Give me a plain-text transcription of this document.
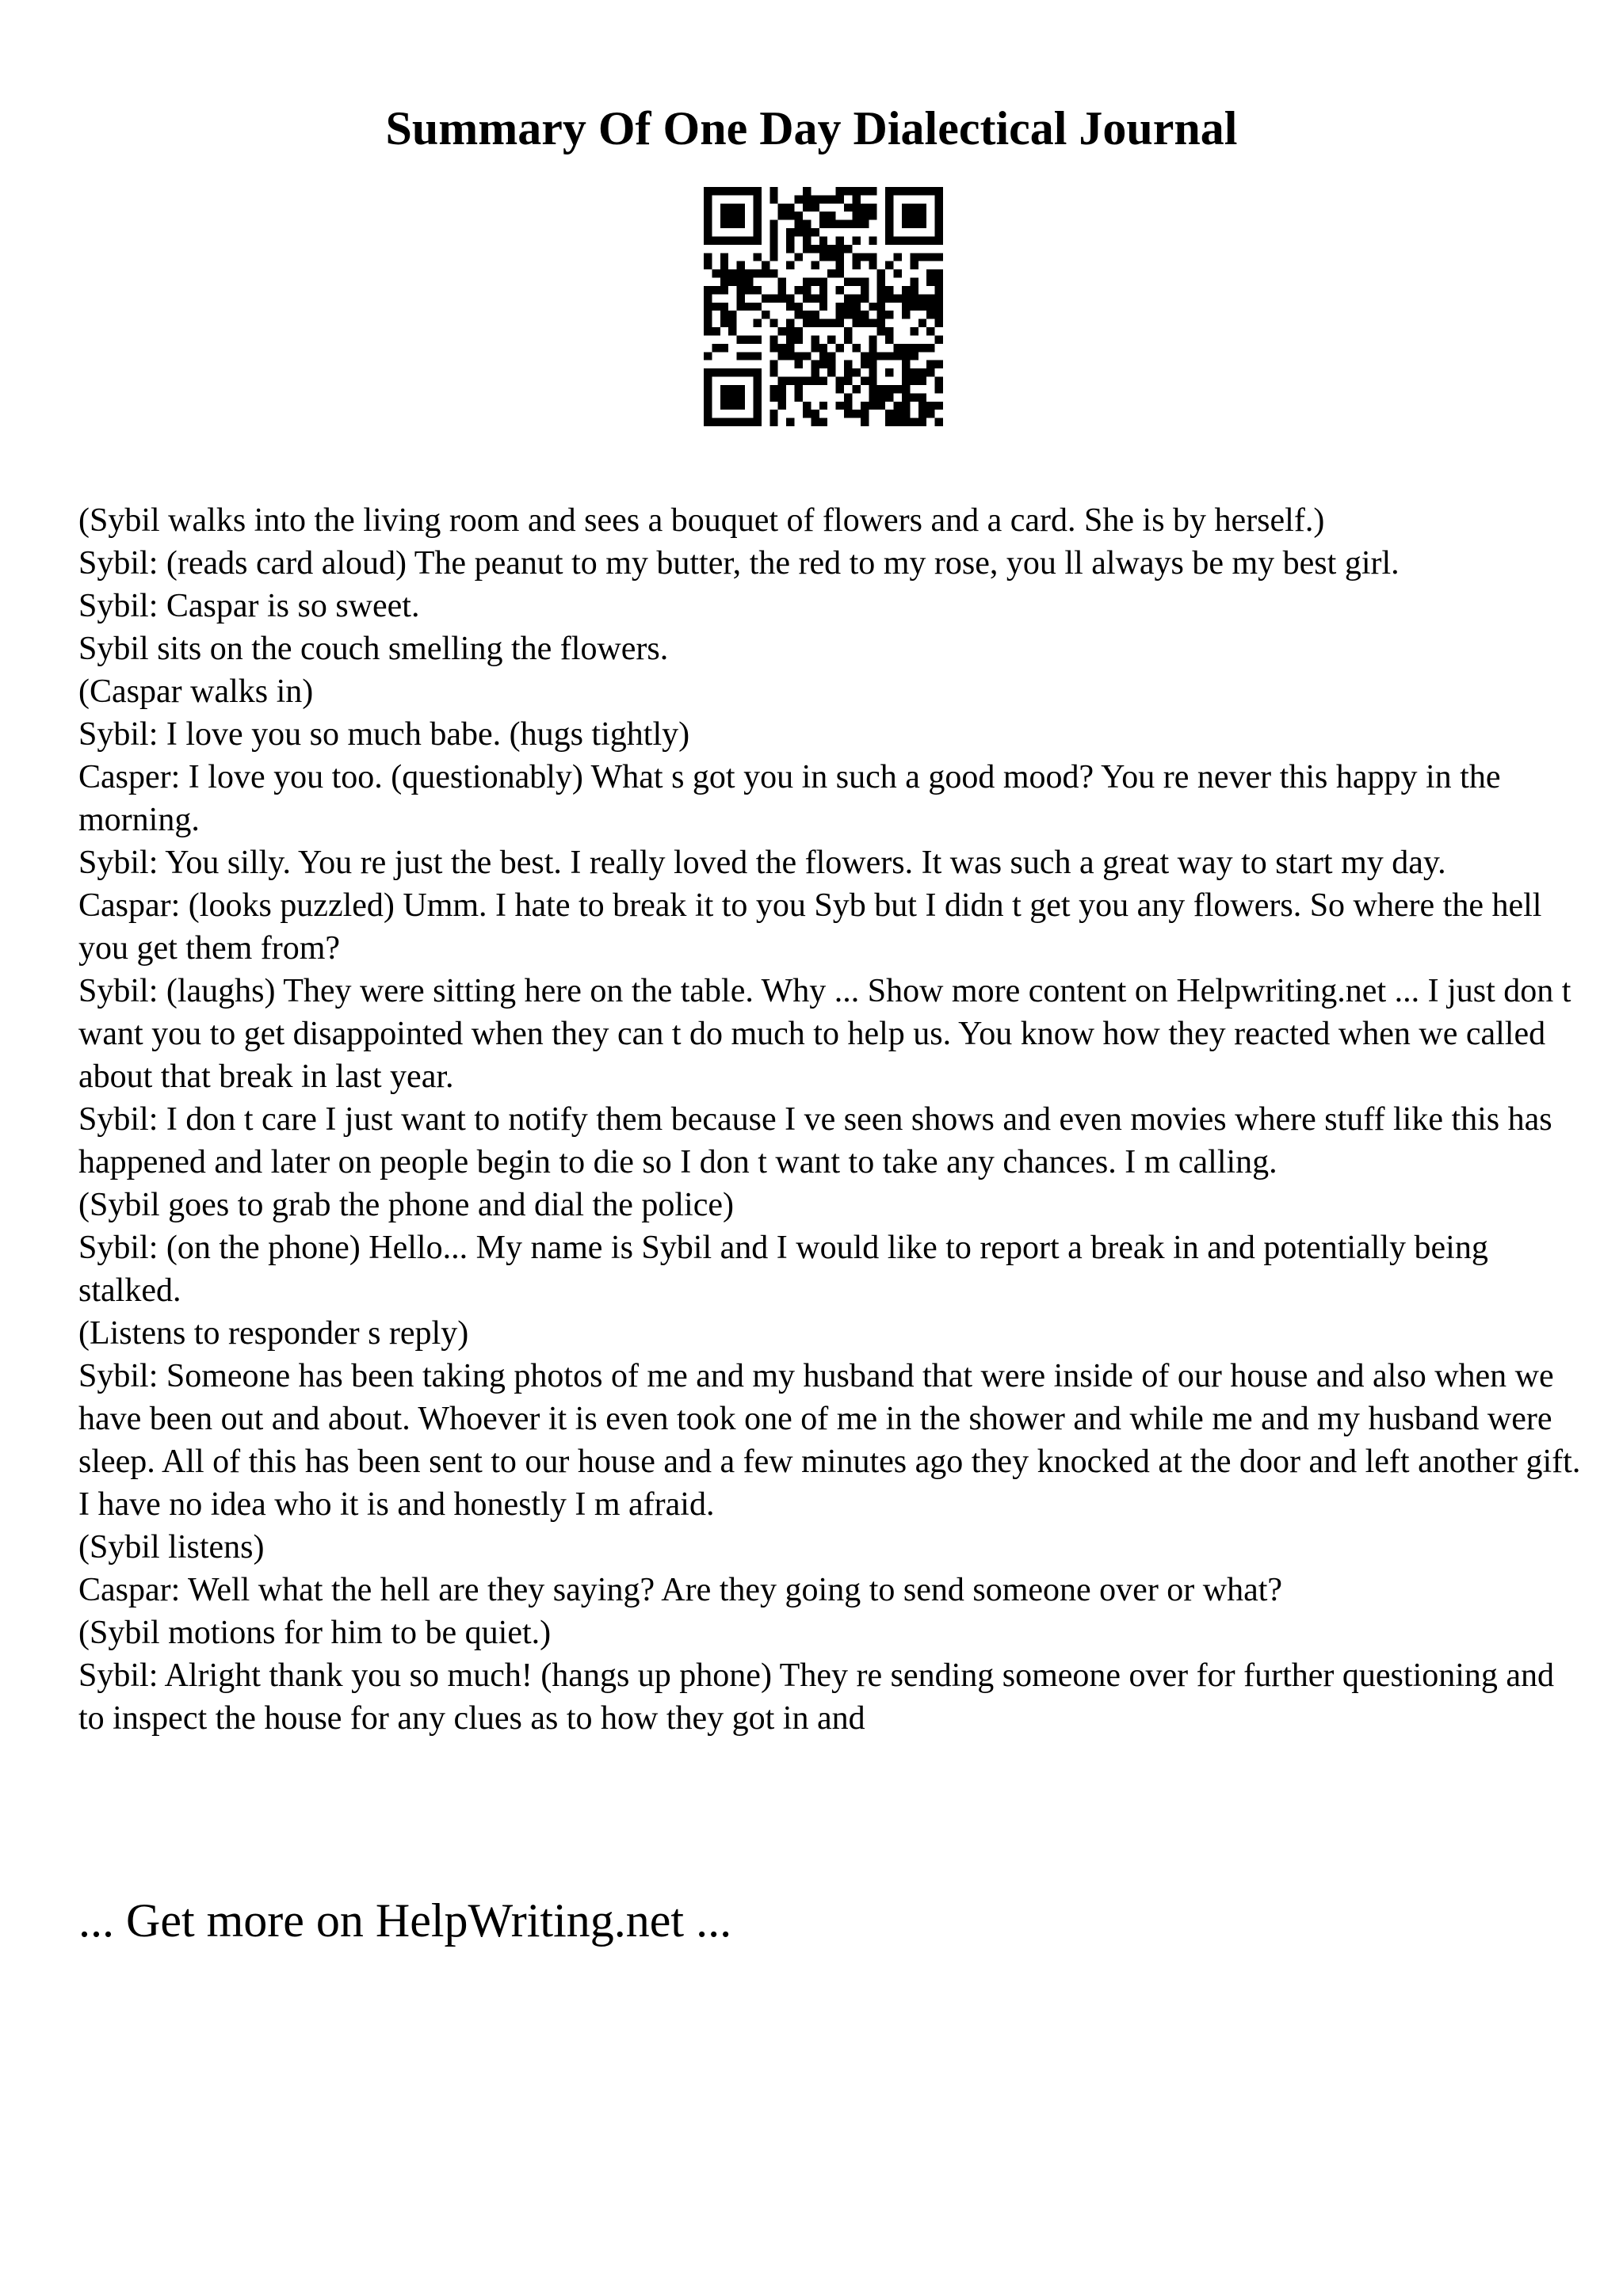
Summary Of One Day Dialectical Journal

(Sybil walks into the living room and sees a bouquet of flowers and a card. She is by herself.)

Sybil: (reads card aloud) The peanut to my butter, the red to my rose, you ll always be my best girl.

Sybil: Caspar is so sweet.

Sybil sits on the couch smelling the flowers.

(Caspar walks in)

Sybil: I love you so much babe. (hugs tightly)

Casper: I love you too. (questionably) What s got you in such a good mood? You re never this happy in the morning.

Sybil: You silly. You re just the best. I really loved the flowers. It was such a great way to start my day.

Caspar: (looks puzzled) Umm. I hate to break it to you Syb but I didn t get you any flowers. So where the hell you get them from?

Sybil: (laughs) They were sitting here on the table. Why ... Show more content on Helpwriting.net ... I just don t want you to get disappointed when they can t do much to help us. You know how they reacted when we called about that break in last year.

Sybil: I don t care I just want to notify them because I ve seen shows and even movies where stuff like this has happened and later on people begin to die so I don t want to take any chances. I m calling.

(Sybil goes to grab the phone and dial the police)

Sybil: (on the phone) Hello... My name is Sybil and I would like to report a break in and potentially being stalked.

(Listens to responder s reply)

Sybil: Someone has been taking photos of me and my husband that were inside of our house and also when we have been out and about. Whoever it is even took one of me in the shower and while me and my husband were sleep. All of this has been sent to our house and a few minutes ago they knocked at the door and left another gift. I have no idea who it is and honestly I m afraid.

(Sybil listens)

Caspar: Well what the hell are they saying? Are they going to send someone over or what?

(Sybil motions for him to be quiet.)

Sybil: Alright thank you so much! (hangs up phone) They re sending someone over for further questioning and to inspect the house for any clues as to how they got in and

... Get more on HelpWriting.net ...
